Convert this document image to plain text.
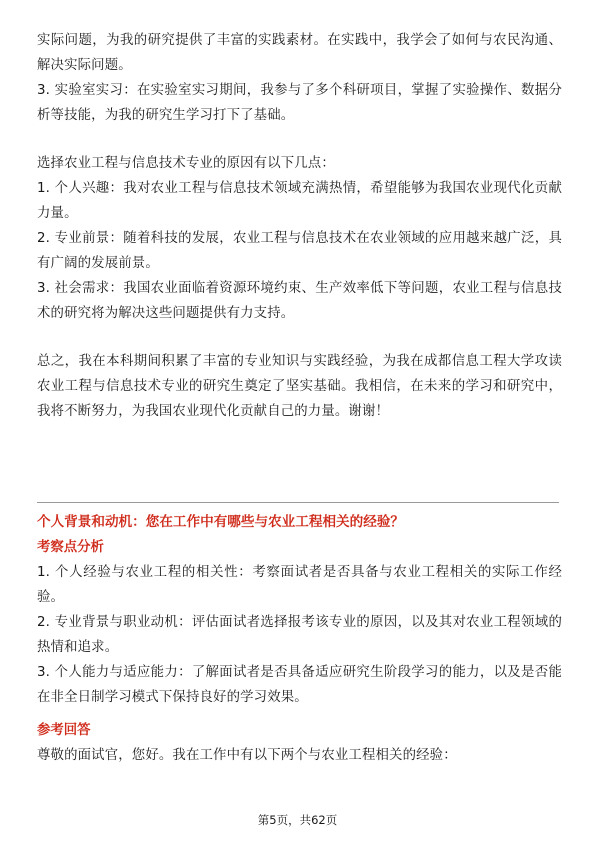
实际问题，为我的研究提供了丰富的实践素材。在实践中，我学会了如何与农民沟通、解决实际问题。

3. 实验室实习：在实验室实习期间，我参与了多个科研项目，掌握了实验操作、数据分析等技能，为我的研究生学习打下了基础。

选择农业工程与信息技术专业的原因有以下几点：

1. 个人兴趣：我对农业工程与信息技术领域充满热情，希望能够为我国农业现代化贡献力量。

2. 专业前景：随着科技的发展，农业工程与信息技术在农业领域的应用越来越广泛，具有广阔的发展前景。

3. 社会需求：我国农业面临着资源环境约束、生产效率低下等问题，农业工程与信息技术的研究将为解决这些问题提供有力支持。

总之，我在本科期间积累了丰富的专业知识与实践经验，为我在成都信息工程大学攻读农业工程与信息技术专业的研究生奠定了坚实基础。我相信，在未来的学习和研究中，我将不断努力，为我国农业现代化贡献自己的力量。谢谢！

个人背景和动机：您在工作中有哪些与农业工程相关的经验？

考察点分析

1. 个人经验与农业工程的相关性：考察面试者是否具备与农业工程相关的实际工作经验。

2. 专业背景与职业动机：评估面试者选择报考该专业的原因，以及其对农业工程领域的热情和追求。

3. 个人能力与适应能力：了解面试者是否具备适应研究生阶段学习的能力，以及是否能在非全日制学习模式下保持良好的学习效果。

参考回答

尊敬的面试官，您好。我在工作中有以下两个与农业工程相关的经验：

第5页，共62页
